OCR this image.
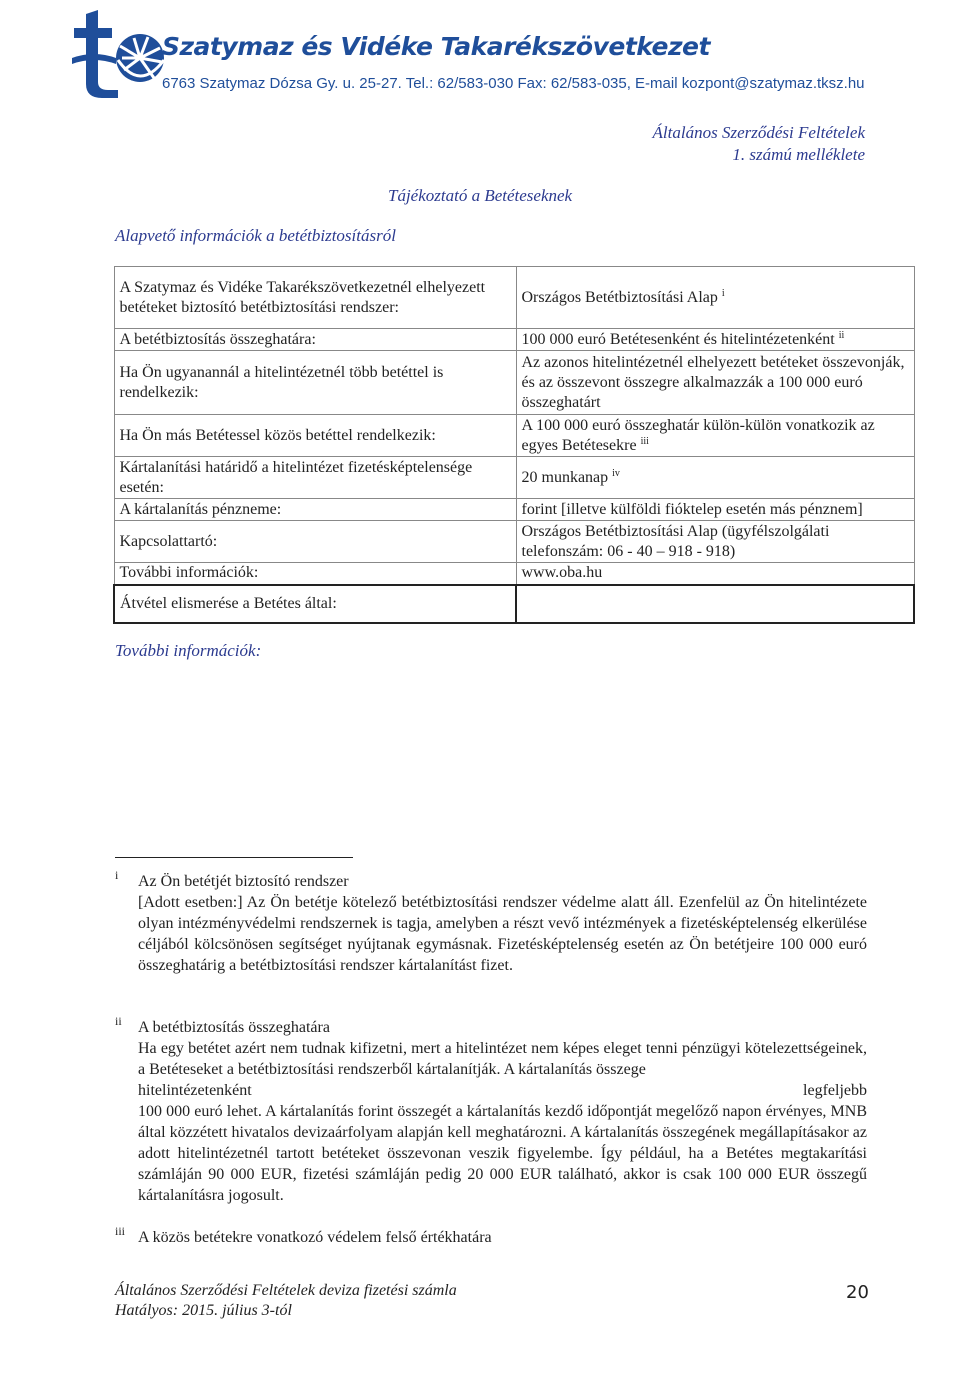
Szatymaz és Vidéke Takarékszövetkezet
6763 Szatymaz Dózsa Gy. u. 25-27. Tel.: 62/583-030 Fax: 62/583-035, E-mail kozpont@szatymaz.tksz.hu
Általános Szerződési Feltételek
1. számú melléklete
Tájékoztató a Betéteseknek
Alapvető információk a betétbiztosításról
A Szatymaz és Vidéke Takarékszövetkezetnél elhelyezett betéteket biztosító betétbiztosítási rendszer:	Országos Betétbiztosítási Alap $^i$
A betétbiztosítás összeghatára:	100 000 euró Betétesenként és hitelintézetenként $^{ii}$
Ha Ön ugyanannál a hitelintézetnél több betéttel is rendelkezik:	Az azonos hitelintézetnél elhelyezett betéteket összevonják, és az összevont összegre alkalmazzák a 100 000 euró összeghatárt
Ha Ön más Betétessel közös betéttel rendelkezik:	A 100 000 euró összeghatár külön-külön vonatkozik az egyes Betétesekre $^{iii}$
Kártalanítási határidő a hitelintézet fizetésképtelensége esetén:	20 munkanap $^{iv}$
A kártalanítás pénzneme:	forint [illetve külföldi fióktelep esetén más pénznem]
Kapcsolattartó:	Országos Betétbiztosítási Alap (ügyfélszolgálati telefonszám: 06 - 40 – 918 - 918)
További információk:	www.oba.hu
Átvétel elismerése a Betétes által:	
További információk:
i Az Ön betétjét biztosító rendszer
[Adott esetben:] Az Ön betétje kötelező betétbiztosítási rendszer védelme alatt áll. Ezenfelül az Ön hitelintézete olyan intézményvédelmi rendszernek is tagja, amelyben a részt vevő intézmények a fizetésképtelenség elkerülése céljából kölcsönösen segítséget nyújtanak egymásnak. Fizetésképtelenség esetén az Ön betétjeire 100 000 euró összeghatárig a betétbiztosítási rendszer kártalanítást fizet.
ii A betétbiztosítás összeghatára
Ha egy betétet azért nem tudnak kifizetni, mert a hitelintézet nem képes eleget tenni pénzügyi kötelezettségeinek, a Betéteseket a betétbiztosítási rendszerből kártalanítják. A kártalanítás összege
hitelintézetenként	legfeljebb
100 000 euró lehet. A kártalanítás forint összegét a kártalanítás kezdő időpontját megelőző napon érvényes, MNB által közzétett hivatalos devizaárfolyam alapján kell meghatározni. A kártalanítás összegének megállapításakor az adott hitelintézetnél tartott betéteket összevonan veszik figyelembe. Így például, ha a Betétes megtakarítási számláján 90 000 EUR, fizetési számláján pedig 20 000 EUR található, akkor is csak 100 000 EUR összegű kártalanításra jogosult.
iii A közös betétekre vonatkozó védelem felső értékhatára
Általános Szerződési Feltételek deviza fizetési számla
Hatályos: 2015. július 3-tól
20
